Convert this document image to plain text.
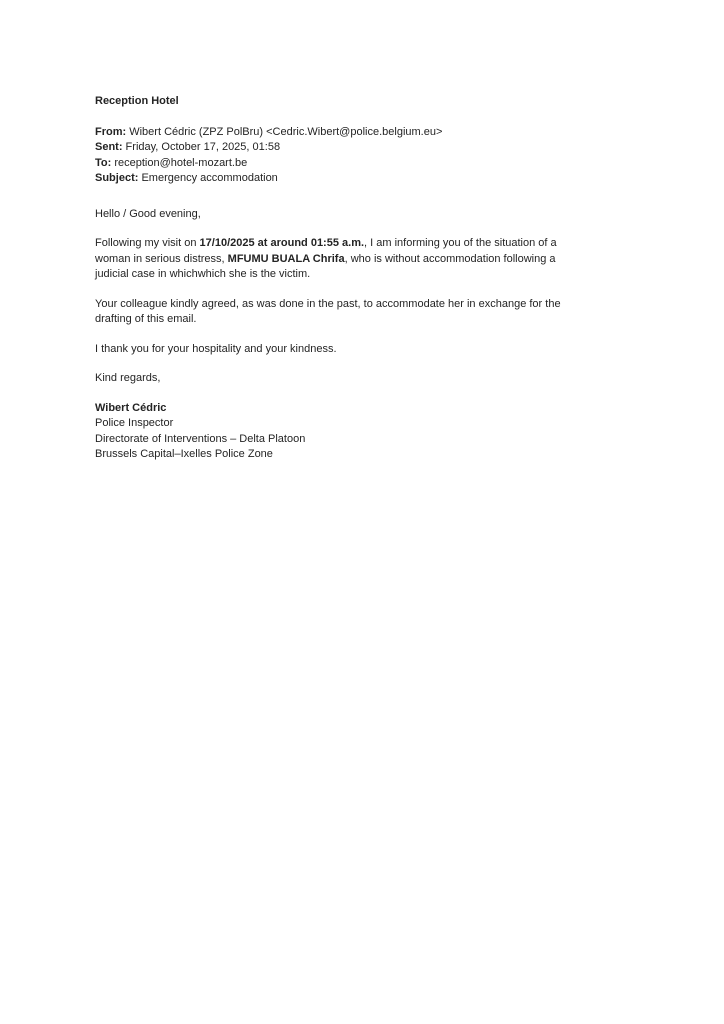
Reception Hotel
From: Wibert Cédric (ZPZ PolBru) <Cedric.Wibert@police.belgium.eu>
Sent: Friday, October 17, 2025, 01:58
To: reception@hotel-mozart.be
Subject: Emergency accommodation
Hello / Good evening,
Following my visit on 17/10/2025 at around 01:55 a.m., I am informing you of the situation of a
woman in serious distress, MFUMU BUALA Chrifa, who is without accommodation following a
judicial case in whichwhich she is the victim.
Your colleague kindly agreed, as was done in the past, to accommodate her in exchange for the
drafting of this email.
I thank you for your hospitality and your kindness.
Kind regards,
Wibert Cédric
Police Inspector
Directorate of Interventions – Delta Platoon
Brussels Capital–Ixelles Police Zone
